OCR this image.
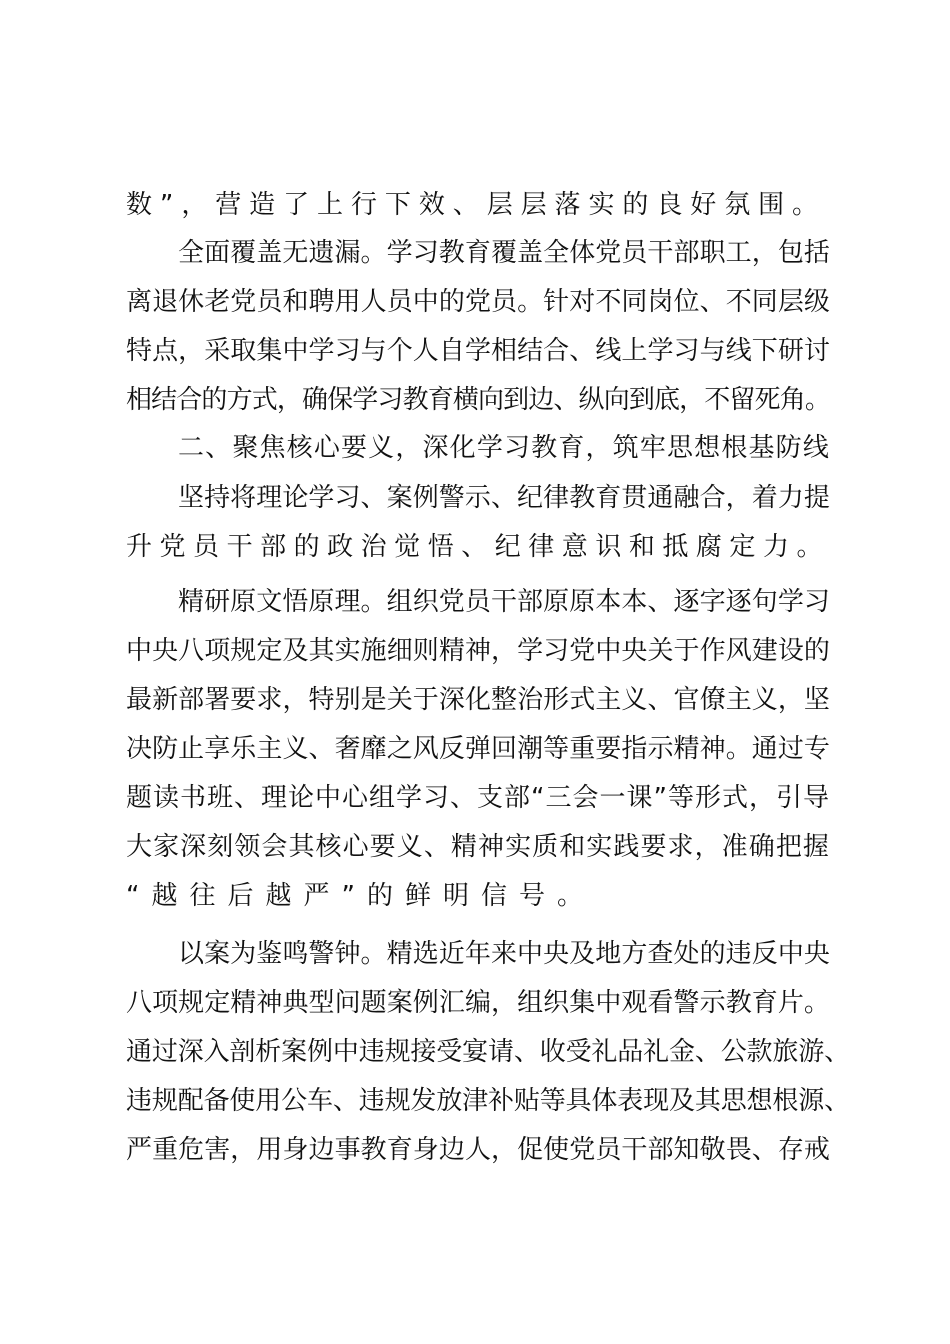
数”，营造了上行下效、层层落实的良好氛围。
全面覆盖无遗漏。学习教育覆盖全体党员干部职工，包括
离退休老党员和聘用人员中的党员。针对不同岗位、不同层级
特点，采取集中学习与个人自学相结合、线上学习与线下研讨
相结合的方式，确保学习教育横向到边、纵向到底，不留死角。
二、聚焦核心要义，深化学习教育，筑牢思想根基防线
坚持将理论学习、案例警示、纪律教育贯通融合，着力提
升党员干部的政治觉悟、纪律意识和抵腐定力。
精研原文悟原理。组织党员干部原原本本、逐字逐句学习
中央八项规定及其实施细则精神，学习党中央关于作风建设的
最新部署要求，特别是关于深化整治形式主义、官僚主义，坚
决防止享乐主义、奢靡之风反弹回潮等重要指示精神。通过专
题读书班、理论中心组学习、支部“三会一课”等形式，引导
大家深刻领会其核心要义、精神实质和实践要求，准确把握
“越往后越严”的鲜明信号。
以案为鉴鸣警钟。精选近年来中央及地方查处的违反中央
八项规定精神典型问题案例汇编，组织集中观看警示教育片。
通过深入剖析案例中违规接受宴请、收受礼品礼金、公款旅游、
违规配备使用公车、违规发放津补贴等具体表现及其思想根源、
严重危害，用身边事教育身边人，促使党员干部知敬畏、存戒
